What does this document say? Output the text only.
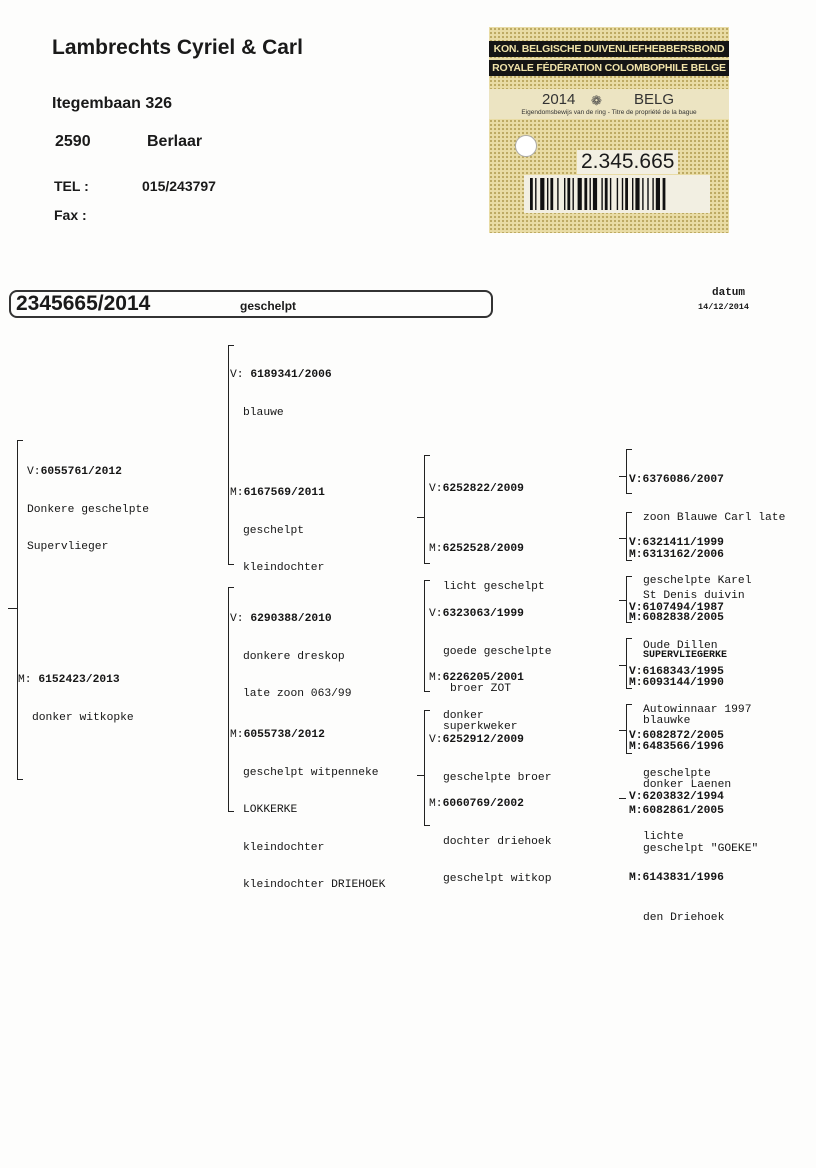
Lambrechts Cyriel & Carl
Itegembaan 326
2590	Berlaar
TEL :	015/243797
Fax :
KON. BELGISCHE DUIVENLIEFHEBBERSBOND
ROYALE FÉDÉRATION COLOMBOPHILE BELGE
2014 ❁ BELG
Eigendomsbewijs van de ring - Titre de propriété de la bague
2.345.665
2345665/2014	geschelpt
datum
14/12/2014

V:6055761/2012

Donkere geschelpte

Supervlieger

M: 6152423/2013

donker witkopke

V: 6189341/2006

blauwe

M:6167569/2011

geschelpt

kleindochter

V: 6290388/2010

donkere dreskop

late zoon 063/99

M:6055738/2012

geschelpt witpenneke

LOKKERKE

kleindochter

kleindochter DRIEHOEK

V:6252822/2009

M:6252528/2009

licht geschelpt

V:6323063/1999

goede geschelpte

broer ZOT

superkweker

M:6226205/2001

donker

V:6252912/2009

geschelpte broer

M:6060769/2002

dochter driehoek

geschelpt witkop

V:6376086/2007

zoon Blauwe Carl late

M:6313162/2006

St Denis duivin

V:6321411/1999

geschelpte Karel

M:6082838/2005

SUPERVLIEGERKE

V:6107494/1987

Oude Dillen

M:6093144/1990

blauwke

V:6168343/1995

Autowinnaar 1997

M:6483566/1996

donker Laenen

V:6082872/2005

geschelpte

M:6082861/2005

geschelpt "GOEKE"

V:6203832/1994

lichte

M:6143831/1996

den Driehoek
